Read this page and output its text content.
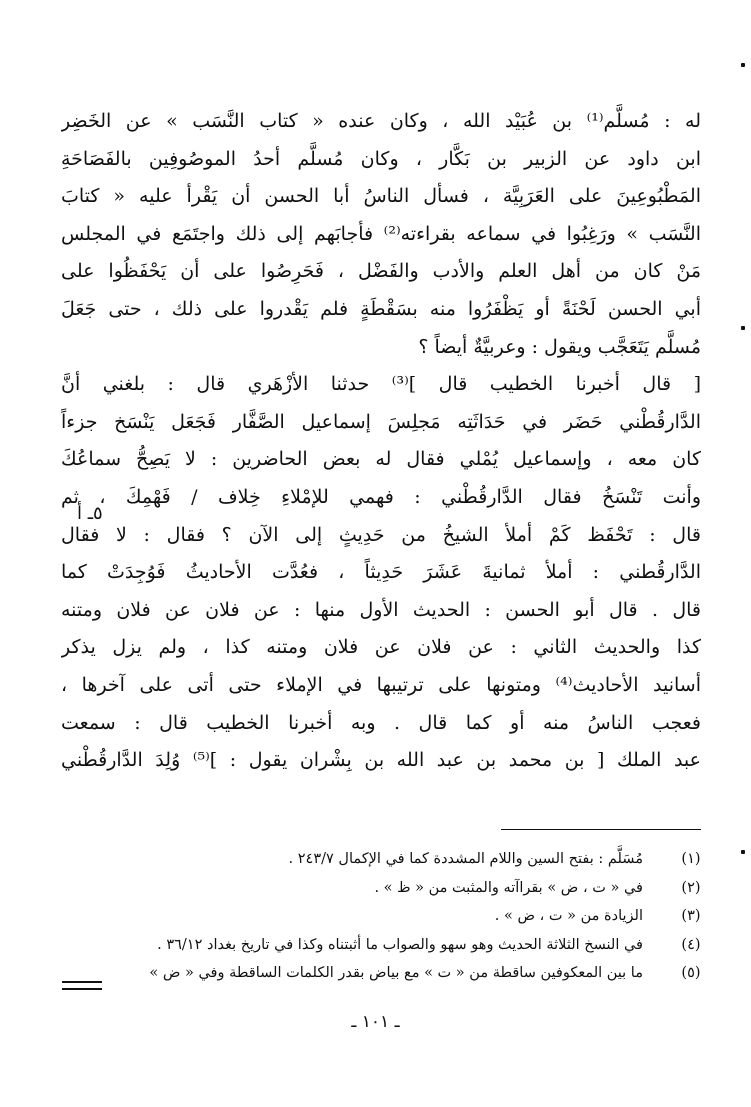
له : مُسلَّم⁽¹⁾ بن عُبَيْد الله ، وكان عنده « كتاب النَّسَب » عن الخَضِر
ابن داود عن الزبير بن بَكَّار ، وكان مُسلَّم أحدُ الموصُوفِين بالفَصَاحَةِ
المَطْبُوعِينَ على العَرَبِيَّة ، فسأل الناسُ أبا الحسن أن يَقْرأ عليه « كتابَ
النَّسَب » ورَغِبُوا في سماعه بقراءته⁽²⁾ فأجابَهم إلى ذلك واجتَمَع في المجلس
مَنْ كان من أهل العلم والأدب والفَضْل ، فَحَرِصُوا على أن يَحْفَظُوا على
أبي الحسن لَحْنَةً أو يَظْفَرُوا منه بسَقْطَةٍ فلم يَقْدروا على ذلك ، حتى جَعَلَ
مُسلَّم يَتَعَجَّب ويقول : وعربيَّةٌ أيضاً ؟
[ قال أخبرنا الخطيب قال ]⁽³⁾ حدثنا الأزْهَري قال : بلغني أنَّ
الدَّارقُطْني حَضَر في حَدَاثَتِه مَجلِسَ إسماعيل الصَّفَّار فَجَعَل يَنْسَخ جزءاً
كان معه ، وإسماعيل يُمْلي فقال له بعض الحاضرين : لا يَصِحُّ سماعُكَ
وأنت تَنْسَخُ فقال الدَّارقُطْني : فهمي للإمْلاءِ خِلاف / فَهْمِكَ ، ثم
قال : تَحْفَظ كَمْ أملأ الشيخُ من حَدِيثٍ إلى الآن ؟ فقال : لا فقال
الدَّارقُطني : أملأ ثمانيةَ عَشَرَ حَدِيثاً ، فعُدَّت الأحاديثُ فَوُجِدَتْ كما
قال . قال أبو الحسن : الحديث الأول منها : عن فلان عن فلان ومتنه
كذا والحديث الثاني : عن فلان عن فلان ومتنه كذا ، ولم يزل يذكر
أسانيد الأحاديث⁽⁴⁾ ومتونها على ترتيبها في الإملاء حتى أتى على آخرها ،
فعجب الناسُ منه أو كما قال . وبه أخبرنا الخطيب قال : سمعت
عبد الملك [ بن محمد بن عبد الله بن بِشْران يقول : ]⁽⁵⁾ وُلِدَ الدَّارقُطْني
٥ـ أ
(١)
مُسَلَّم : بفتح السين واللام المشددة كما في الإكمال ٢٤٣/٧ .
(٢)
في « ت ، ض » بقراآته والمثبت من « ظ » .
(٣)
الزيادة من « ت ، ض » .
(٤)
في النسخ الثلاثة الحديث وهو سهو والصواب ما أثبتناه وكذا في تاريخ بغداد ٣٦/١٢ .
(٥)
ما بين المعكوفين ساقطة من « ت » مع بياض بقدر الكلمات الساقطة وفي « ض »
ـ ١٠١ ـ
